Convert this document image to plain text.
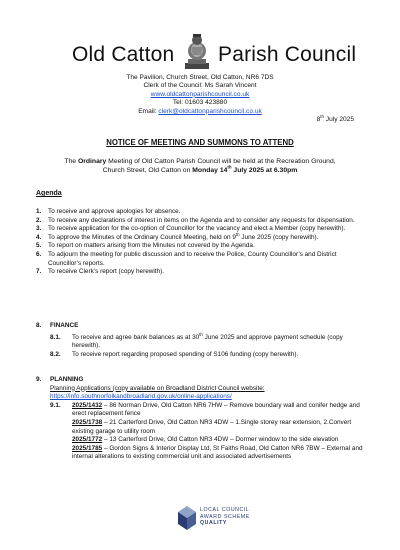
Old Catton Parish Council
The Pavilion, Church Street, Old Catton, NR6 7DS
Clerk of the Council: Ms Sarah Vincent
www.oldcattonparishcouncil.co.uk
Tel: 01603 423880
Email: clerk@oldcattonparishcouncil.co.uk
8th July 2025
NOTICE OF MEETING AND SUMMONS TO ATTEND
The Ordinary Meeting of Old Catton Parish Council will be held at the Recreation Ground,
Church Street, Old Catton on Monday 14th July 2025 at 6.30pm
Agenda
1. To receive and approve apologies for absence.
2. To receive any declarations of interest in items on the Agenda and to consider any requests for dispensation.
3. To receive application for the co-option of Councillor for the vacancy and elect a Member (copy herewith).
4. To approve the Minutes of the Ordinary Council Meeting, held on 9th June 2025 (copy herewith).
5. To report on matters arising from the Minutes not covered by the Agenda.
6. To adjourn the meeting for public discussion and to receive the Police, County Councillor’s and District Councillor’s reports.
7. To receive Clerk’s report (copy herewith).
8. FINANCE
8.1. To receive and agree bank balances as at 30th June 2025 and approve payment schedule (copy herewith).
8.2. To receive report regarding proposed spending of S106 funding (copy herewith).
9. PLANNING
Planning Applications (copy available on Broadland District Council website:
https://info.southnorfolkandbroadland.gov.uk/online-applications/
9.1. 2025/1432 – 86 Norman Drive, Old Catton NR6 7HW – Remove boundary wall and conifer hedge and erect replacement fence
2025/1738 – 21 Carterford Drive, Old Catton NR3 4DW – 1.Single storey rear extension, 2.Convert existing garage to utility room
2025/1772 – 13 Carterford Drive, Old Catton NR3 4DW – Dormer window to the side elevation
2025/1785 – Gordon Signs & Interior Display Ltd, St Faiths Road, Old Catton NR6 7BW – External and internal alterations to existing commercial unit and associated advertisements
LOCAL COUNCIL
AWARD SCHEME
QUALITY
